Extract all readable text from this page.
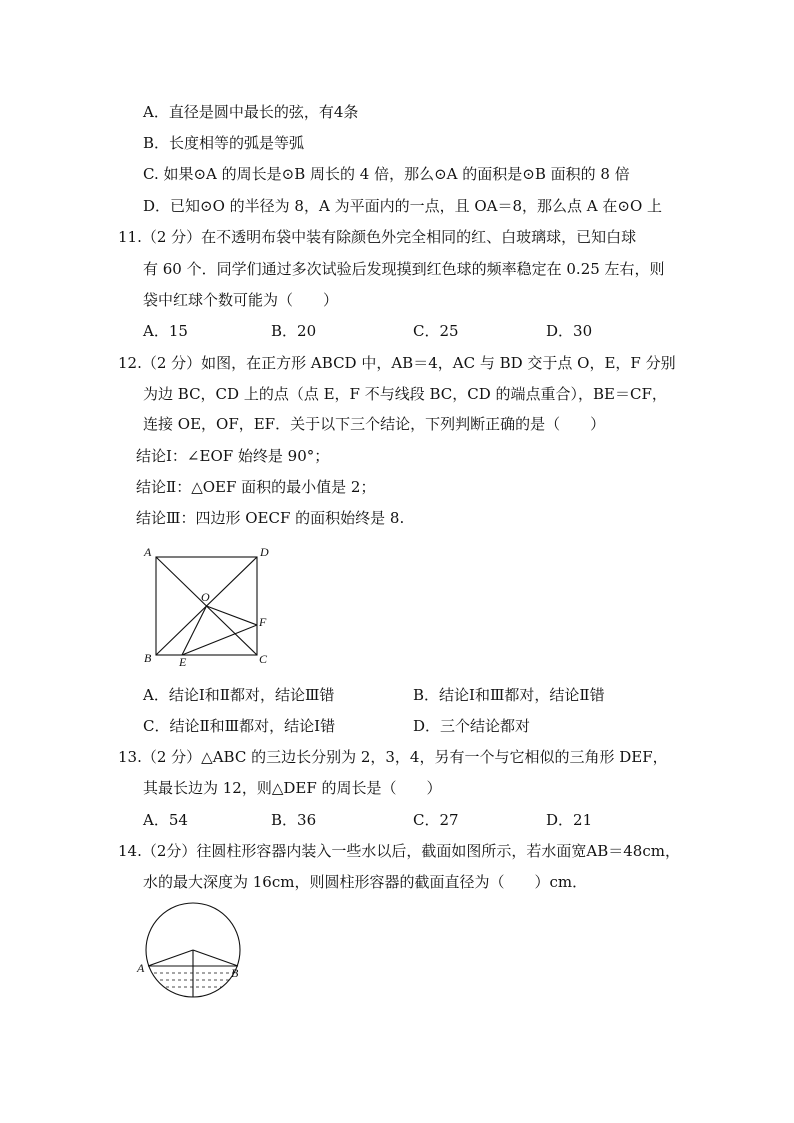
A．直径是圆中最长的弦，有4条
B．长度相等的弧是等弧
C. 如果⊙A 的周长是⊙B 周长的 4 倍，那么⊙A 的面积是⊙B 面积的 8 倍
D．已知⊙O 的半径为 8，A 为平面内的一点，且 OA＝8，那么点 A 在⊙O 上
11.（2 分）在不透明布袋中装有除颜色外完全相同的红、白玻璃球，已知白球
有 60 个．同学们通过多次试验后发现摸到红色球的频率稳定在 0.25 左右，则
袋中红球个数可能为（　　）
A．15	B．20	C．25	D．30
12.（2 分）如图，在正方形 ABCD 中，AB＝4，AC 与 BD 交于点 O，E，F 分别
为边 BC，CD 上的点（点 E，F 不与线段 BC，CD 的端点重合），BE＝CF，
连接 OE，OF，EF．关于以下三个结论，下列判断正确的是（　　）
结论Ⅰ：∠EOF 始终是 90°；
结论Ⅱ：△OEF 面积的最小值是 2；
结论Ⅲ：四边形 OECF 的面积始终是 8.
A	D
O
F
B E	C
A．结论Ⅰ和Ⅱ都对，结论Ⅲ错	B．结论Ⅰ和Ⅲ都对，结论Ⅱ错
C．结论Ⅱ和Ⅲ都对，结论Ⅰ错	D．三个结论都对
13.（2 分）△ABC 的三边长分别为 2，3，4，另有一个与它相似的三角形 DEF，
其最长边为 12，则△DEF 的周长是（　　）
A．54	B．36	C．27	D．21
14.（2分）往圆柱形容器内装入一些水以后，截面如图所示，若水面宽AB＝48cm，
水的最大深度为 16cm，则圆柱形容器的截面直径为（　　）cm．
A	B
